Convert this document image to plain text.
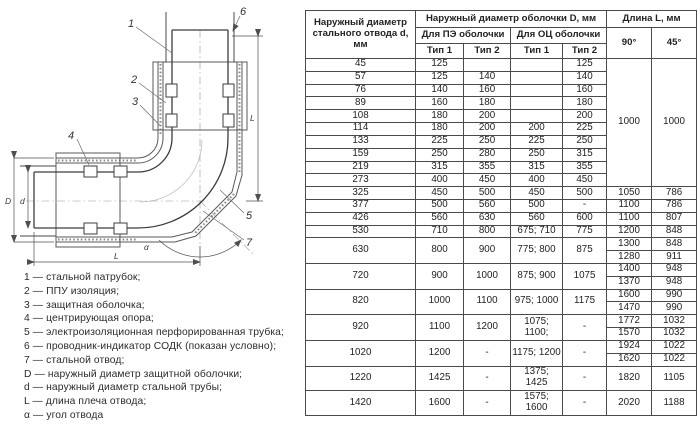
1
2
3
4
5
6
7
L
L
D d
α
1 — стальной патрубок;
2 — ППУ изоляция;
3 — защитная оболочка;
4 — центрирующая опора;
5 — электроизоляционная перфорированная трубка;
6 — проводник-индикатор СОДК (показан условно);
7 — стальной отвод;
D — наружный диаметр защитной оболочки;
d — наружный диаметр стальной трубы;
L — длина плеча отвода;
α — угол отвода
Наружный диаметр стального отвода d, мм	Наружный диаметр оболочки D, мм				Длина L, мм	
	Для ПЭ оболочки		Для ОЦ оболочки		90°	45°
	Тип 1	Тип 2	Тип 1	Тип 2		
45	125			125	1000	1000
57	125	140		140		
76	140	160		160		
89	160	180		180		
108	180	200		200		
114	180	200	200	225		
133	225	250	225	250		
159	250	280	250	315		
219	315	355	315	355		
273	400	450	400	450		
325	450	500	450	500	1050	786
377	500	560	500	-	1100	786
426	560	630	560	600	1100	807
530	710	800	675; 710	775	1200	848
630	800	900	775; 800	875	1300	848
					1280	911
720	900	1000	875; 900	1075	1400	948
					1370	948
820	1000	1100	975; 1000	1175	1600	990
					1470	990
920	1100	1200	1075; 1100;	-	1772	1032
					1570	1032
1020	1200	-	1175; 1200	-	1924	1022
					1620	1022
1220	1425	-	1375; 1425	-	1820	1105
1420	1600	-	1575; 1600	-	2020	1188
